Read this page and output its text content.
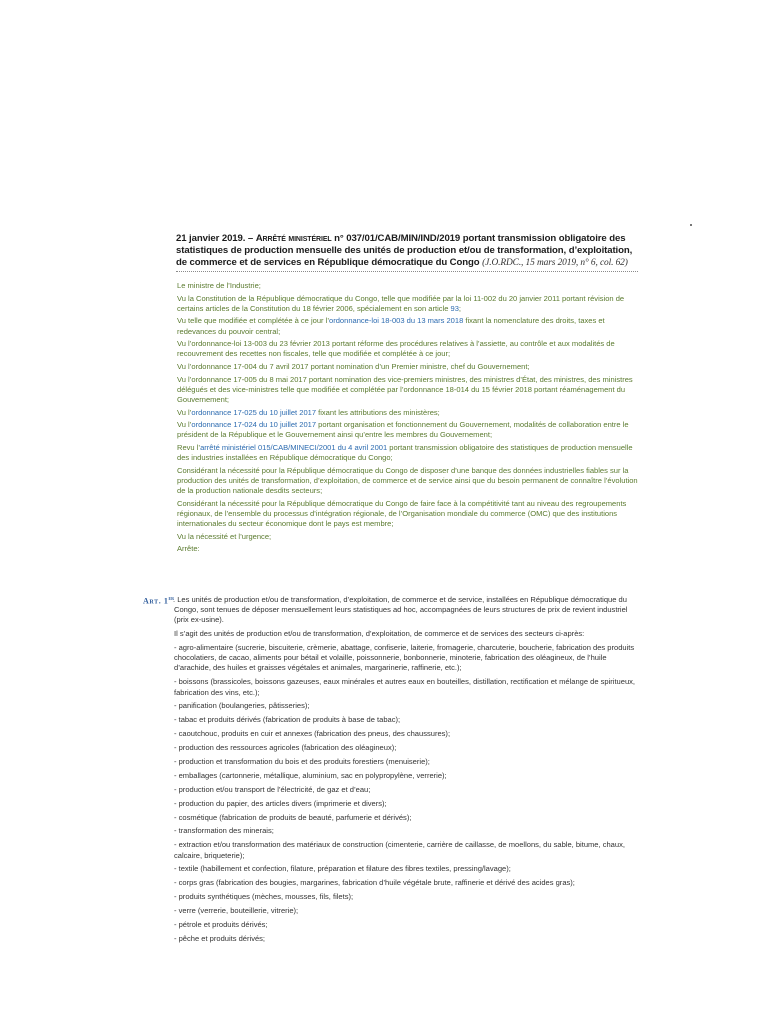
21 janvier 2019. – Arrêté ministériel n° 037/01/CAB/MIN/IND/2019 portant transmission obligatoire des statistiques de production mensuelle des unités de production et/ou de transformation, d’exploitation, de commerce et de services en République démocratique du Congo (J.O.RDC., 15 mars 2019, n° 6, col. 62)

Le ministre de l’Industrie;

Vu la Constitution de la République démocratique du Congo, telle que modifiée par la loi 11-002 du 20 janvier 2011 portant révision de certains articles de la Constitution du 18 février 2006, spécialement en son article 93;

Vu telle que modifiée et complétée à ce jour l’ordonnance-loi 18-003 du 13 mars 2018 fixant la nomenclature des droits, taxes et redevances du pouvoir central;

Vu l’ordonnance-loi 13-003 du 23 février 2013 portant réforme des procédures relatives à l’assiette, au contrôle et aux modalités de recouvrement des recettes non fiscales, telle que modifiée et complétée à ce jour;

Vu l’ordonnance 17-004 du 7 avril 2017 portant nomination d’un Premier ministre, chef du Gouvernement;

Vu l’ordonnance 17-005 du 8 mai 2017 portant nomination des vice-premiers ministres, des ministres d’État, des ministres, des ministres délégués et des vice-ministres telle que modifiée et complétée par l’ordonnance 18-014 du 15 février 2018 portant réaménagement du Gouvernement;

Vu l’ordonnance 17-025 du 10 juillet 2017 fixant les attributions des ministères;

Vu l’ordonnance 17-024 du 10 juillet 2017 portant organisation et fonctionnement du Gouvernement, modalités de collaboration entre le président de la République et le Gouvernement ainsi qu’entre les membres du Gouvernement;

Revu l’arrêté ministériel 015/CAB/MINECI/2001 du 4 avril 2001 portant transmission obligatoire des statistiques de production mensuelle des industries installées en République démocratique du Congo;

Considérant la nécessité pour la République démocratique du Congo de disposer d’une banque des données industrielles fiables sur la production des unités de transformation, d’exploitation, de commerce et de service ainsi que du besoin permanent de connaître l’évolution de la production nationale desdits secteurs;

Considérant la nécessité pour la République démocratique du Congo de faire face à la compétitivité tant au niveau des regroupements régionaux, de l’ensemble du processus d’intégration régionale, de l’Organisation mondiale du commerce (OMC) que des institutions internationales du secteur économique dont le pays est membre;

Vu la nécessité et l’urgence;

Arrête:

Art. 1er

. Les unités de production et/ou de transformation, d’exploitation, de commerce et de service, installées en République démocratique du Congo, sont tenues de déposer mensuellement leurs statistiques ad hoc, accompagnées de leurs structures de prix de revient industriel (prix ex-usine).

Il s’agit des unités de production et/ou de transformation, d’exploitation, de commerce et de services des secteurs ci-après:

- agro-alimentaire (sucrerie, biscuiterie, crèmerie, abattage, confiserie, laiterie, fromagerie, charcuterie, boucherie, fabrication des produits chocolatiers, de cacao, aliments pour bétail et volaille, poissonnerie, bonbonnerie, minoterie, fabrication des oléagineux, de l’huile d’arachide, des huiles et graisses végétales et animales, margarinerie, raffinerie, etc.);
- boissons (brassicoles, boissons gazeuses, eaux minérales et autres eaux en bouteilles, distillation, rectification et mélange de spiritueux, fabrication des vins, etc.);
- panification (boulangeries, pâtisseries);
- tabac et produits dérivés (fabrication de produits à base de tabac);
- caoutchouc, produits en cuir et annexes (fabrication des pneus, des chaussures);
- production des ressources agricoles (fabrication des oléagineux);
- production et transformation du bois et des produits forestiers (menuiserie);
- emballages (cartonnerie, métallique, aluminium, sac en polypropylène, verrerie);
- production et/ou transport de l’électricité, de gaz et d’eau;
- production du papier, des articles divers (imprimerie et divers);
- cosmétique (fabrication de produits de beauté, parfumerie et dérivés);
- transformation des minerais;
- extraction et/ou transformation des matériaux de construction (cimenterie, carrière de caillasse, de moellons, du sable, bitume, chaux, calcaire, briqueterie);
- textile (habillement et confection, filature, préparation et filature des fibres textiles, pressing/lavage);
- corps gras (fabrication des bougies, margarines, fabrication d’huile végétale brute, raffinerie et dérivé des acides gras);
- produits synthétiques (mèches, mousses, fils, filets);
- verre (verrerie, bouteillerie, vitrerie);
- pétrole et produits dérivés;
- pêche et produits dérivés;
